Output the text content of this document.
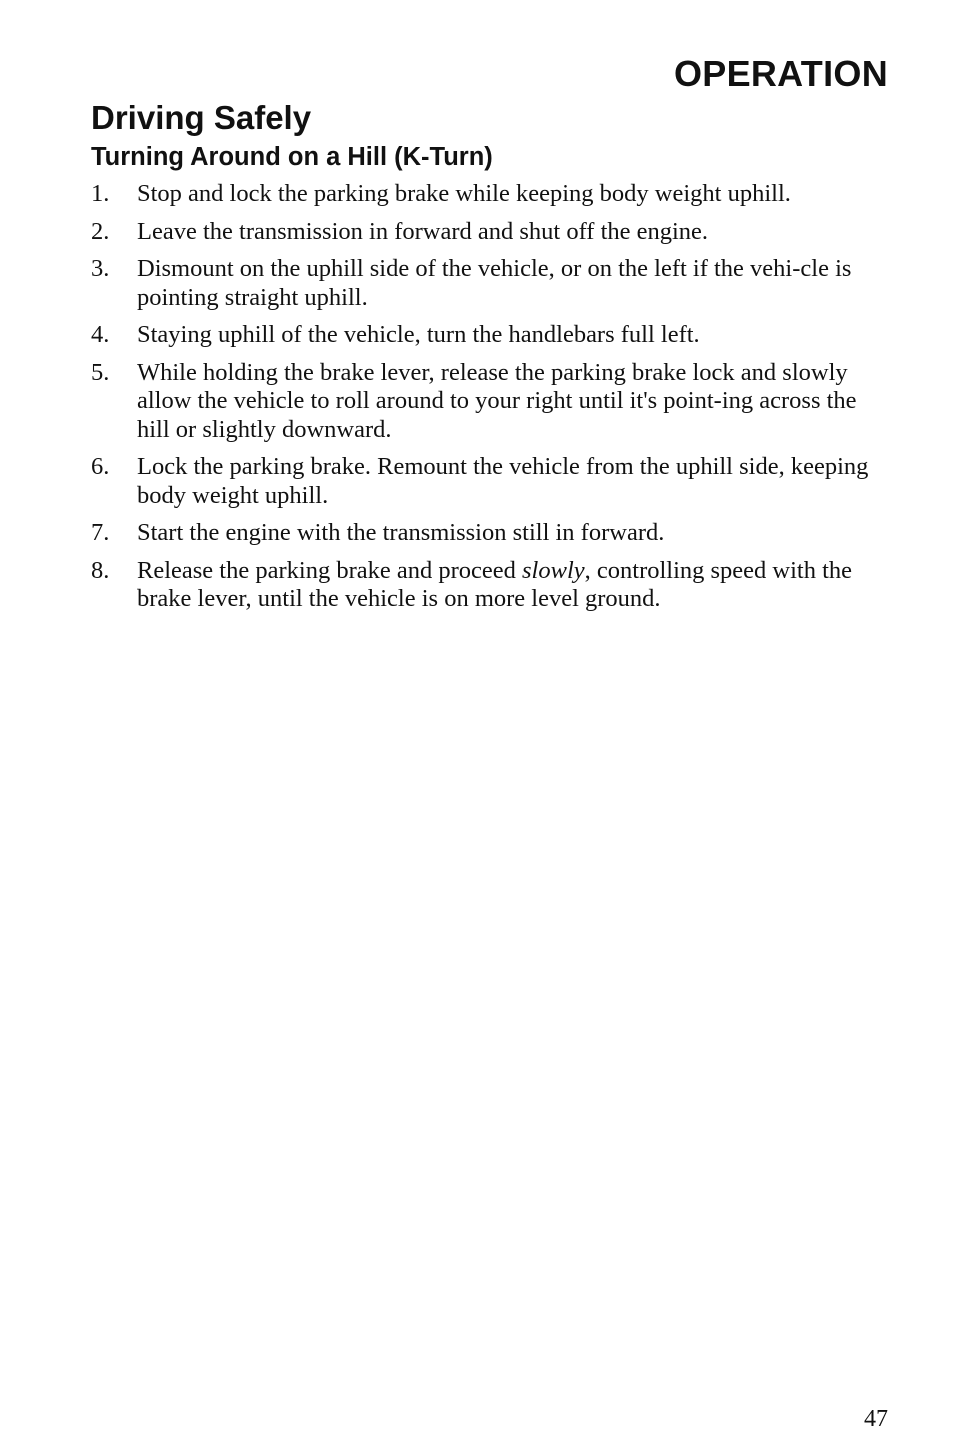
OPERATION
Driving Safely
Turning Around on a Hill (K-Turn)
1. Stop and lock the parking brake while keeping body weight uphill.
2. Leave the transmission in forward and shut off the engine.
3. Dismount on the uphill side of the vehicle, or on the left if the vehi-cle is pointing straight uphill.
4. Staying uphill of the vehicle, turn the handlebars full left.
5. While holding the brake lever, release the parking brake lock and slowly allow the vehicle to roll around to your right until it's point-ing across the hill or slightly downward.
6. Lock the parking brake. Remount the vehicle from the uphill side, keeping body weight uphill.
7. Start the engine with the transmission still in forward.
8. Release the parking brake and proceed slowly, controlling speed with the brake lever, until the vehicle is on more level ground.
47
